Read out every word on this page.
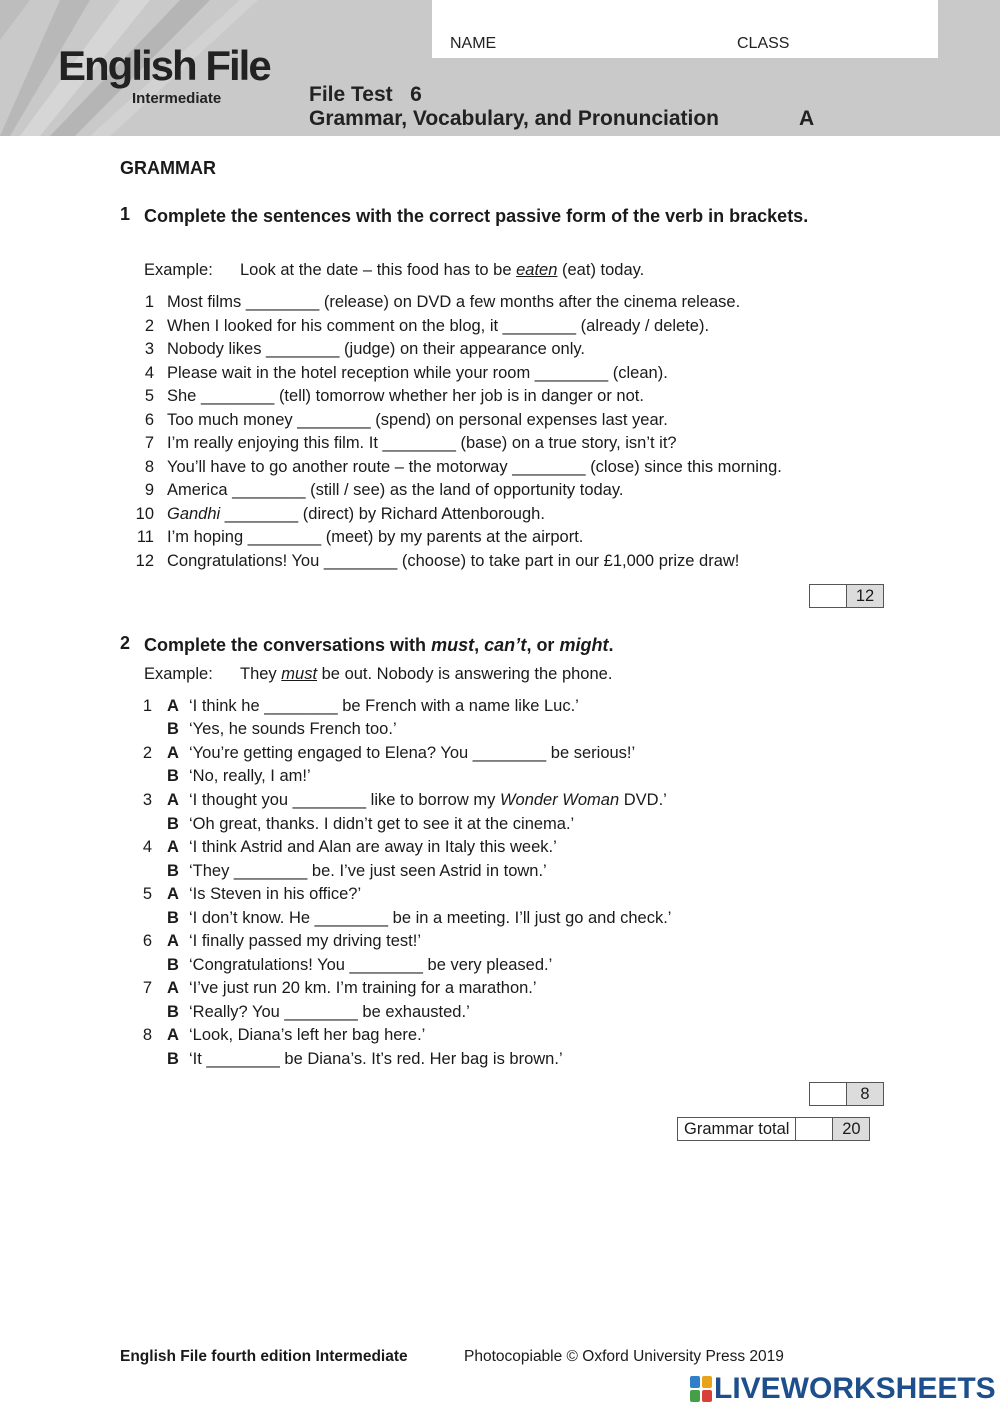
English File
Intermediate
NAME	CLASS
File Test   6
Grammar, Vocabulary, and Pronunciation	A
GRAMMAR
1 Complete the sentences with the correct passive form of the verb in brackets.
Example: Look at the date – this food has to be eaten (eat) today.
1 Most films ________ (release) on DVD a few months after the cinema release.
2 When I looked for his comment on the blog, it ________ (already / delete).
3 Nobody likes ________ (judge) on their appearance only.
4 Please wait in the hotel reception while your room ________ (clean).
5 She ________ (tell) tomorrow whether her job is in danger or not.
6 Too much money ________ (spend) on personal expenses last year.
7 I’m really enjoying this film. It ________ (base) on a true story, isn’t it?
8 You’ll have to go another route – the motorway ________ (close) since this morning.
9 America ________ (still / see) as the land of opportunity today.
10 Gandhi ________ (direct) by Richard Attenborough.
11 I’m hoping ________ (meet) by my parents at the airport.
12 Congratulations! You ________ (choose) to take part in our £1,000 prize draw!
12
2 Complete the conversations with must, can’t, or might.
Example: They must be out. Nobody is answering the phone.
1 A ‘I think he ________ be French with a name like Luc.’
B ‘Yes, he sounds French too.’
2 A ‘You’re getting engaged to Elena? You ________ be serious!’
B ‘No, really, I am!’
3 A ‘I thought you ________ like to borrow my Wonder Woman DVD.’
B ‘Oh great, thanks. I didn’t get to see it at the cinema.’
4 A ‘I think Astrid and Alan are away in Italy this week.’
B ‘They ________ be. I’ve just seen Astrid in town.’
5 A ‘Is Steven in his office?’
B ‘I don’t know. He ________ be in a meeting. I’ll just go and check.’
6 A ‘I finally passed my driving test!’
B ‘Congratulations! You ________ be very pleased.’
7 A ‘I’ve just run 20 km. I’m training for a marathon.’
B ‘Really? You ________ be exhausted.’
8 A ‘Look, Diana’s left her bag here.’
B ‘It ________ be Diana’s. It’s red. Her bag is brown.’
8
Grammar total	20
English File fourth edition Intermediate	Photocopiable © Oxford University Press 2019
LIVEWORKSHEETS
